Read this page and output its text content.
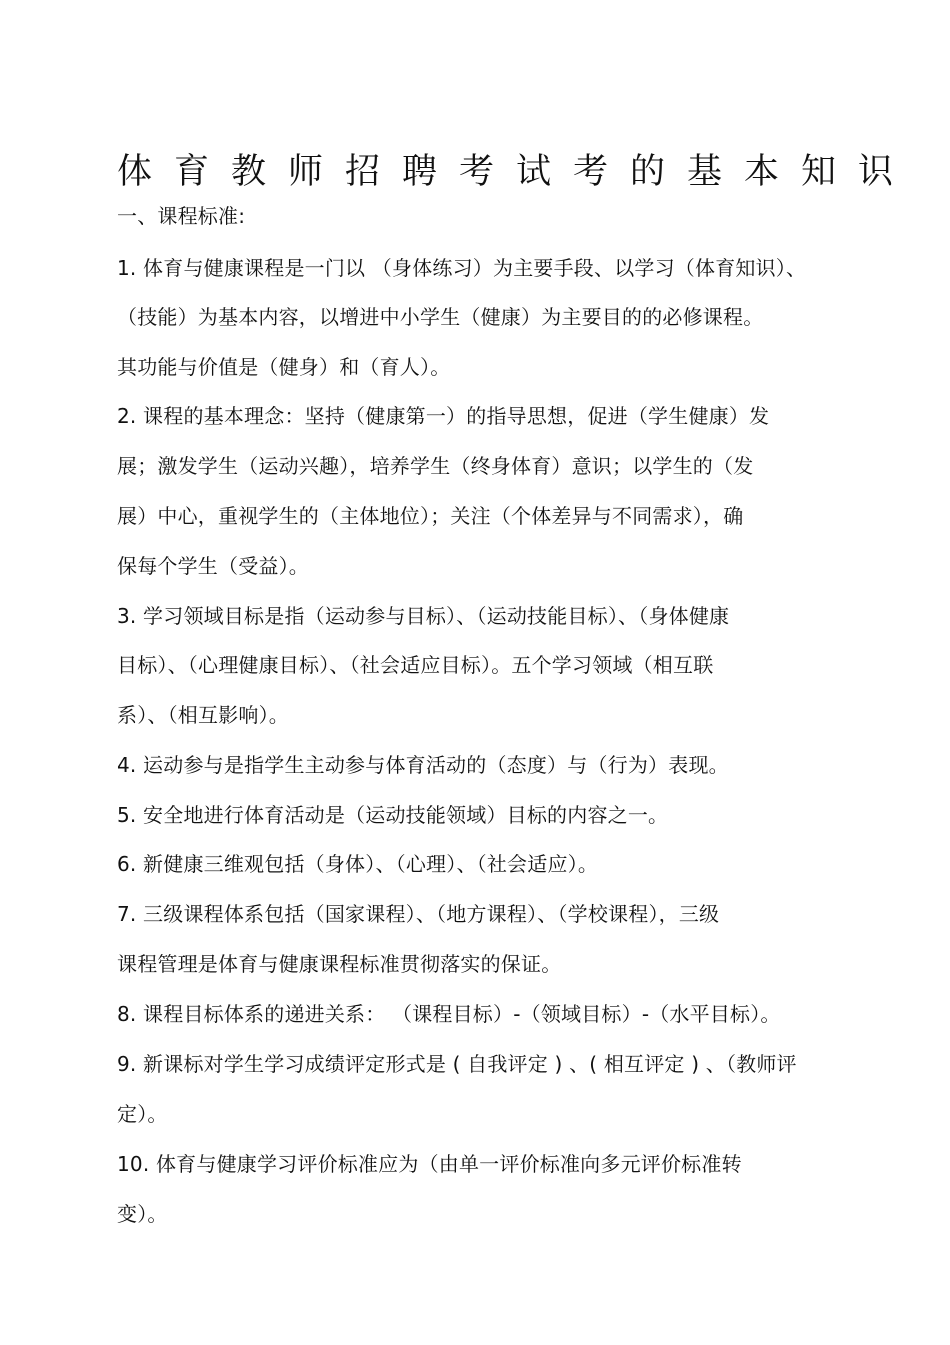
体育教师招聘考试考的基本知识
一、课程标准:
1. 体育与健康课程是一门以 （身体练习）为主要手段、以学习（体育知识）、
（技能）为基本内容，以增进中小学生（健康）为主要目的的必修课程。
其功能与价值是（健身）和（育人）。
2. 课程的基本理念：坚持（健康第一）的指导思想，促进（学生健康）发
展；激发学生（运动兴趣），培养学生（终身体育）意识；以学生的（发
展）中心，重视学生的（主体地位）；关注（个体差异与不同需求），确
保每个学生（受益）。
3. 学习领域目标是指（运动参与目标）、（运动技能目标）、（身体健康
目标）、（心理健康目标）、（社会适应目标）。五个学习领域（相互联
系）、（相互影响）。
4. 运动参与是指学生主动参与体育活动的（态度）与（行为）表现。
5. 安全地进行体育活动是（运动技能领域）目标的内容之一。
6. 新健康三维观包括（身体）、（心理）、（社会适应）。
7. 三级课程体系包括（国家课程）、（地方课程）、（学校课程），三级
课程管理是体育与健康课程标准贯彻落实的保证。
8. 课程目标体系的递进关系： （课程目标）-（领域目标）-（水平目标）。
9. 新课标对学生学习成绩评定形式是 ( 自我评定 ) 、( 相互评定 ) 、（教师评
定）。
10. 体育与健康学习评价标准应为（由单一评价标准向多元评价标准转
变）。
